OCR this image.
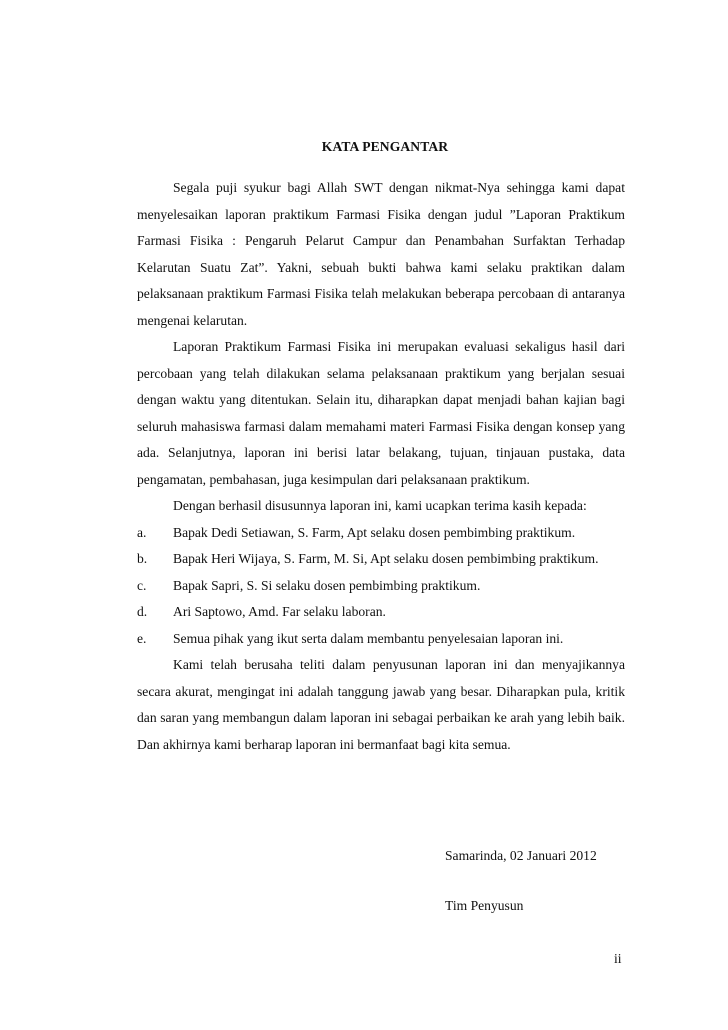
KATA PENGANTAR

Segala puji syukur bagi Allah SWT dengan nikmat-Nya sehingga kami dapat menyelesaikan laporan praktikum Farmasi Fisika dengan judul ”Laporan Praktikum Farmasi Fisika : Pengaruh Pelarut Campur dan Penambahan Surfaktan Terhadap Kelarutan Suatu Zat”. Yakni, sebuah bukti bahwa kami selaku praktikan dalam pelaksanaan praktikum Farmasi Fisika telah melakukan beberapa percobaan di antaranya mengenai kelarutan.

Laporan Praktikum Farmasi Fisika ini merupakan evaluasi sekaligus hasil dari percobaan yang telah dilakukan selama pelaksanaan praktikum yang berjalan sesuai dengan waktu yang ditentukan. Selain itu, diharapkan dapat menjadi bahan kajian bagi seluruh mahasiswa farmasi dalam memahami materi Farmasi Fisika dengan konsep yang ada. Selanjutnya, laporan ini berisi latar belakang, tujuan, tinjauan pustaka, data pengamatan, pembahasan, juga kesimpulan dari pelaksanaan praktikum.

Dengan berhasil disusunnya laporan ini, kami ucapkan terima kasih kepada:

a.	Bapak Dedi Setiawan, S. Farm, Apt selaku dosen pembimbing praktikum.
b.	Bapak Heri Wijaya, S. Farm, M. Si, Apt selaku dosen pembimbing praktikum.
c.	Bapak Sapri, S. Si selaku dosen pembimbing praktikum.
d.	Ari Saptowo, Amd. Far selaku laboran.
e.	Semua pihak yang ikut serta dalam membantu penyelesaian laporan ini.

Kami telah berusaha teliti dalam penyusunan laporan ini dan menyajikannya secara akurat, mengingat ini adalah tanggung jawab yang besar. Diharapkan pula, kritik dan saran yang membangun dalam laporan ini sebagai perbaikan ke arah yang lebih baik. Dan akhirnya kami berharap laporan ini bermanfaat bagi kita semua.

Samarinda, 02 Januari 2012
Tim Penyusun
ii
